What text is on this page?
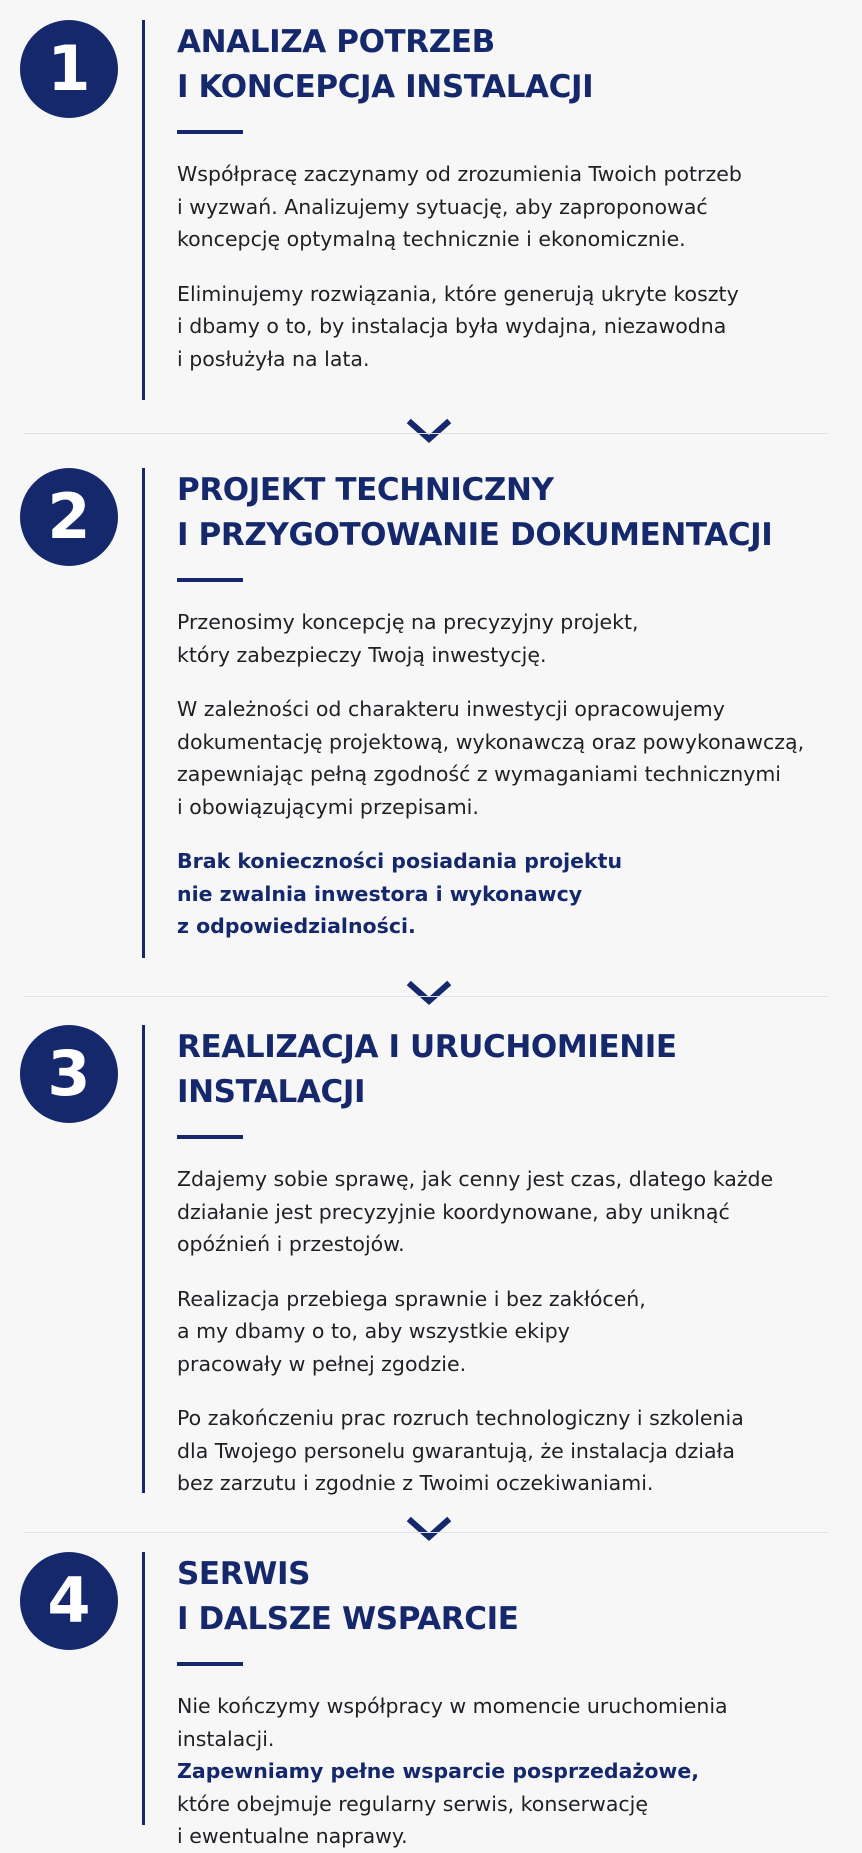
1	ANALIZA POTRZEB
I KONCEPCJA INSTALACJI

Współpracę zaczynamy od zrozumienia Twoich potrzeb
i wyzwań. Analizujemy sytuację, aby zaproponować
koncepcję optymalną technicznie i ekonomicznie.

Eliminujemy rozwiązania, które generują ukryte koszty
i dbamy o to, by instalacja była wydajna, niezawodna
i posłużyła na lata.

2	PROJEKT TECHNICZNY
I PRZYGOTOWANIE DOKUMENTACJI

Przenosimy koncepcję na precyzyjny projekt,
który zabezpieczy Twoją inwestycję.

W zależności od charakteru inwestycji opracowujemy
dokumentację projektową, wykonawczą oraz powykonawczą,
zapewniając pełną zgodność z wymaganiami technicznymi
i obowiązującymi przepisami.

Brak konieczności posiadania projektu
nie zwalnia inwestora i wykonawcy
z odpowiedzialności.

3	REALIZACJA I URUCHOMIENIE
INSTALACJI

Zdajemy sobie sprawę, jak cenny jest czas, dlatego każde
działanie jest precyzyjnie koordynowane, aby uniknąć
opóźnień i przestojów.

Realizacja przebiega sprawnie i bez zakłóceń,
a my dbamy o to, aby wszystkie ekipy
pracowały w pełnej zgodzie.

Po zakończeniu prac rozruch technologiczny i szkolenia
dla Twojego personelu gwarantują, że instalacja działa
bez zarzutu i zgodnie z Twoimi oczekiwaniami.

4	SERWIS
I DALSZE WSPARCIE

Nie kończymy współpracy w momencie uruchomienia
instalacji.

Zapewniamy pełne wsparcie posprzedażowe,

które obejmuje regularny serwis, konserwację
i ewentualne naprawy.
